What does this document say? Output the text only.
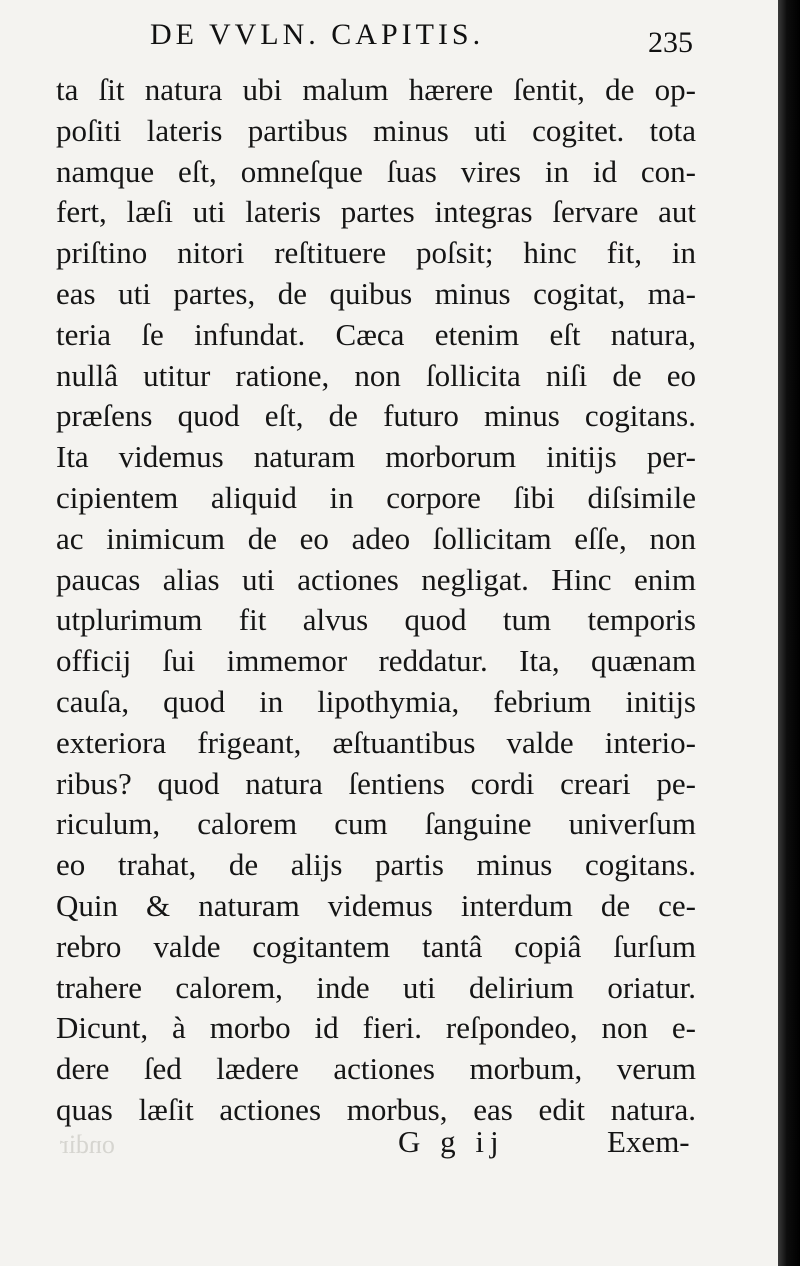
ondir
DE VVLN. CAPITIS.	235
ta ſit natura ubi malum hærere ſentit, de op-
poſiti lateris partibus minus uti cogitet. tota
namque eſt, omneſque ſuas vires in id con-
fert, læſi uti lateris partes integras ſervare aut
priſtino nitori reſtituere poſsit; hinc fit, in
eas uti partes, de quibus minus cogitat, ma-
teria ſe infundat. Cæca etenim eſt natura,
nullâ utitur ratione, non ſollicita niſi de eo
præſens quod eſt, de futuro minus cogitans.
Ita videmus naturam morborum initijs per-
cipientem aliquid in corpore ſibi diſsimile
ac inimicum de eo adeo ſollicitam eſſe, non
paucas alias uti actiones negligat. Hinc enim
utplurimum fit alvus quod tum temporis
officij ſui immemor reddatur. Ita, quænam
cauſa, quod in lipothymia, febrium initijs
exteriora frigeant, æſtuantibus valde interio-
ribus? quod natura ſentiens cordi creari pe-
riculum, calorem cum ſanguine univerſum
eo trahat, de alijs partis minus cogitans.
Quin & naturam videmus interdum de ce-
rebro valde cogitantem tantâ copiâ ſurſum
trahere calorem, inde uti delirium oriatur.
Dicunt, à morbo id fieri. reſpondeo, non e-
dere ſed lædere actiones morbum, verum
quas læſit actiones morbus, eas edit natura.
G g ij	Exem-
